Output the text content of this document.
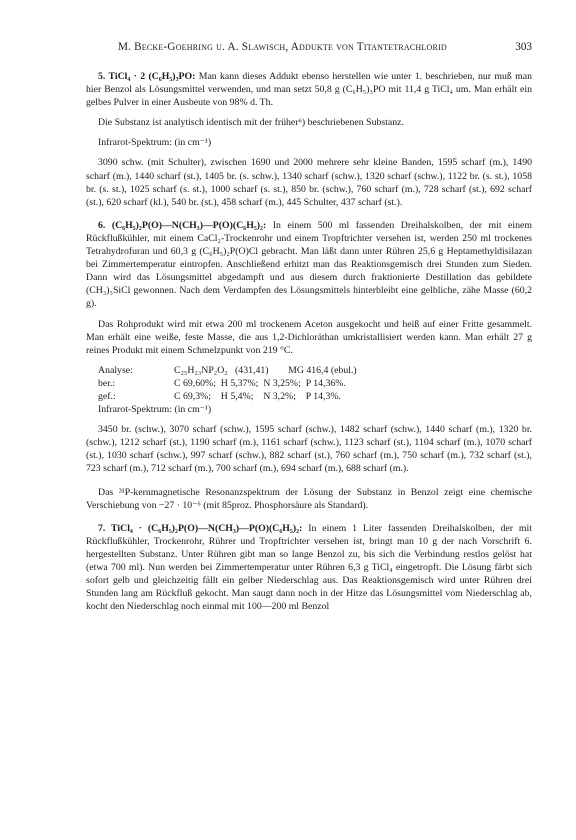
M. Becke-Goehring u. A. Slawisch, Addukte von Titantetrachlorid	303

5. TiCl₄ · 2 (C₆H₅)₃PO: Man kann dieses Addukt ebenso herstellen wie unter 1. beschrieben, nur muß man hier Benzol als Lösungsmittel verwenden, und man setzt 50,8 g (C₆H₅)₃PO mit 11,4 g TiCl₄ um. Man erhält ein gelbes Pulver in einer Ausbeute von 98% d. Th.

Die Substanz ist analytisch identisch mit der früher⁶) beschriebenen Substanz.

Infrarot-Spektrum: (in cm⁻¹)

3090 schw. (mit Schulter), zwischen 1690 und 2000 mehrere sehr kleine Banden, 1595 scharf (m.), 1490 scharf (m.), 1440 scharf (st.), 1405 br. (s. schw.), 1340 scharf (schw.), 1320 scharf (schw.), 1122 br. (s. st.), 1058 br. (s. st.), 1025 scharf (s. st.), 1000 scharf (s. st.), 850 br. (schw.), 760 scharf (m.), 728 scharf (st.), 692 scharf (st.), 620 scharf (kl.), 540 br. (st.), 458 scharf (m.), 445 Schulter, 437 scharf (st.).

6. (C₆H₅)₂P(O)—N(CH₃)—P(O)(C₆H₅)₂: In einem 500 ml fassenden Dreihalskolben, der mit einem Rückflußkühler, mit einem CaCl₂-Trockenrohr und einem Tropftrichter versehen ist, werden 250 ml trockenes Tetrahydrofuran und 60,3 g (C₆H₅)₂P(O)Cl gebracht. Man läßt dann unter Rühren 25,6 g Heptamethyldisilazan bei Zimmertemperatur eintropfen. Anschließend erhitzt man das Reaktionsgemisch drei Stunden zum Sieden. Dann wird das Lösungsmittel abgedampft und aus diesem durch fraktionierte Destillation das gebildete (CH₃)₃SiCl gewonnen. Nach dem Verdampfen des Lösungsmittels hinterbleibt eine gelbliche, zähe Masse (60,2 g).

Das Rohprodukt wird mit etwa 200 ml trockenem Aceton ausgekocht und heiß auf einer Fritte gesammelt. Man erhält eine weiße, feste Masse, die aus 1,2-Dichloräthan umkristallisiert werden kann. Man erhält 27 g reines Produkt mit einem Schmelzpunkt von 219 °C.

Analyse:	C₂₅H₂₃NP₂O₂   (431,41)        MG 416,4 (ebul.)
ber.:	C 69,60%;  H 5,37%;  N 3,25%;  P 14,36%.
gef.:	C 69,3%;    H 5,4%;    N 3,2%;    P 14,3%.

Infrarot-Spektrum: (in cm⁻¹)

3450 br. (schw.), 3070 scharf (schw.), 1595 scharf (schw.), 1482 scharf (schw.), 1440 scharf (m.), 1320 br. (schw.), 1212 scharf (st.), 1190 scharf (m.), 1161 scharf (schw.), 1123 scharf (st.), 1104 scharf (m.), 1070 scharf (st.), 1030 scharf (schw.), 997 scharf (schw.), 882 scharf (st.), 760 scharf (m.), 750 scharf (m.), 732 scharf (st.), 723 scharf (m.), 712 scharf (m.), 700 scharf (m.), 694 scharf (m.), 688 scharf (m.).

Das ³¹P-kernmagnetische Resonanzspektrum der Lösung der Substanz in Benzol zeigt eine chemische Verschiebung von −27 · 10⁻⁶ (mit 85proz. Phosphorsäure als Standard).

7. TiCl₄ · (C₆H₅)₂P(O)—N(CH₃)—P(O)(C₆H₅)₂: In einem 1 Liter fassenden Dreihalskolben, der mit Rückflußkühler, Trockenrohr, Rührer und Tropftrichter versehen ist, bringt man 10 g der nach Vorschrift 6. hergestellten Substanz. Unter Rühren gibt man so lange Benzol zu, bis sich die Verbindung restlos gelöst hat (etwa 700 ml). Nun werden bei Zimmertemperatur unter Rühren 6,3 g TiCl₄ eingetropft. Die Lösung färbt sich sofort gelb und gleichzeitig fällt ein gelber Niederschlag aus. Das Reaktionsgemisch wird unter Rühren drei Stunden lang am Rückfluß gekocht. Man saugt dann noch in der Hitze das Lösungsmittel vom Niederschlag ab, kocht den Niederschlag noch einmal mit 100—200 ml Benzol
